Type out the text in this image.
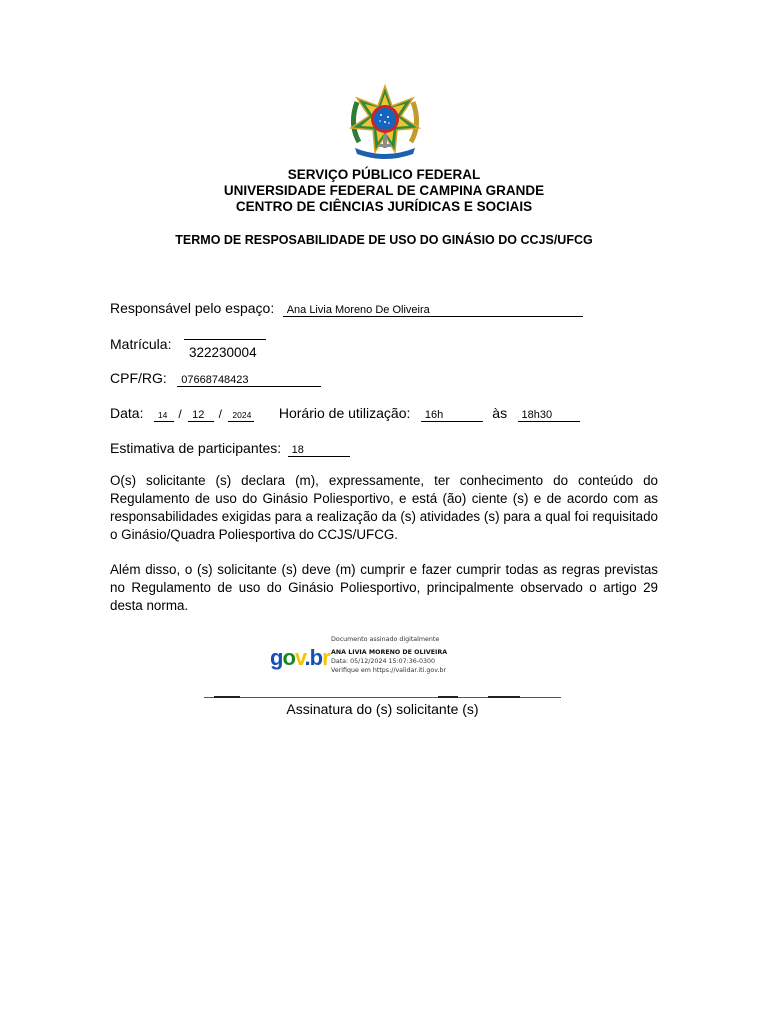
SERVIÇO PÚBLICO FEDERAL
UNIVERSIDADE FEDERAL DE CAMPINA GRANDE
CENTRO DE CIÊNCIAS JURÍDICAS E SOCIAIS
TERMO DE RESPOSABILIDADE DE USO DO GINÁSIO DO CCJS/UFCG
Responsável pelo espaço: Ana Livia Moreno De Oliveira
Matrícula:
322230004
CPF/RG: 07668748423
Data: 14 / 12 / 2024 Horário de utilização: 16h	às 18h30
Estimativa de participantes: 18
O(s) solicitante (s) declara (m), expressamente, ter conhecimento do conteúdo do Regulamento de uso do Ginásio Poliesportivo, e está (ão) ciente (s) e de acordo com as responsabilidades exigidas para a realização da (s) atividades (s) para a qual foi requisitado o Ginásio/Quadra Poliesportiva do CCJS/UFCG.
Além disso, o (s) solicitante (s) deve (m) cumprir e fazer cumprir todas as regras previstas no Regulamento de uso do Ginásio Poliesportivo, principalmente observado o artigo 29 desta norma.
gov.br
Documento assinado digitalmente
ANA LIVIA MORENO DE OLIVEIRA
Data: 05/12/2024 15:07:36-0300
Verifique em https://validar.iti.gov.br
Assinatura do (s) solicitante (s)
